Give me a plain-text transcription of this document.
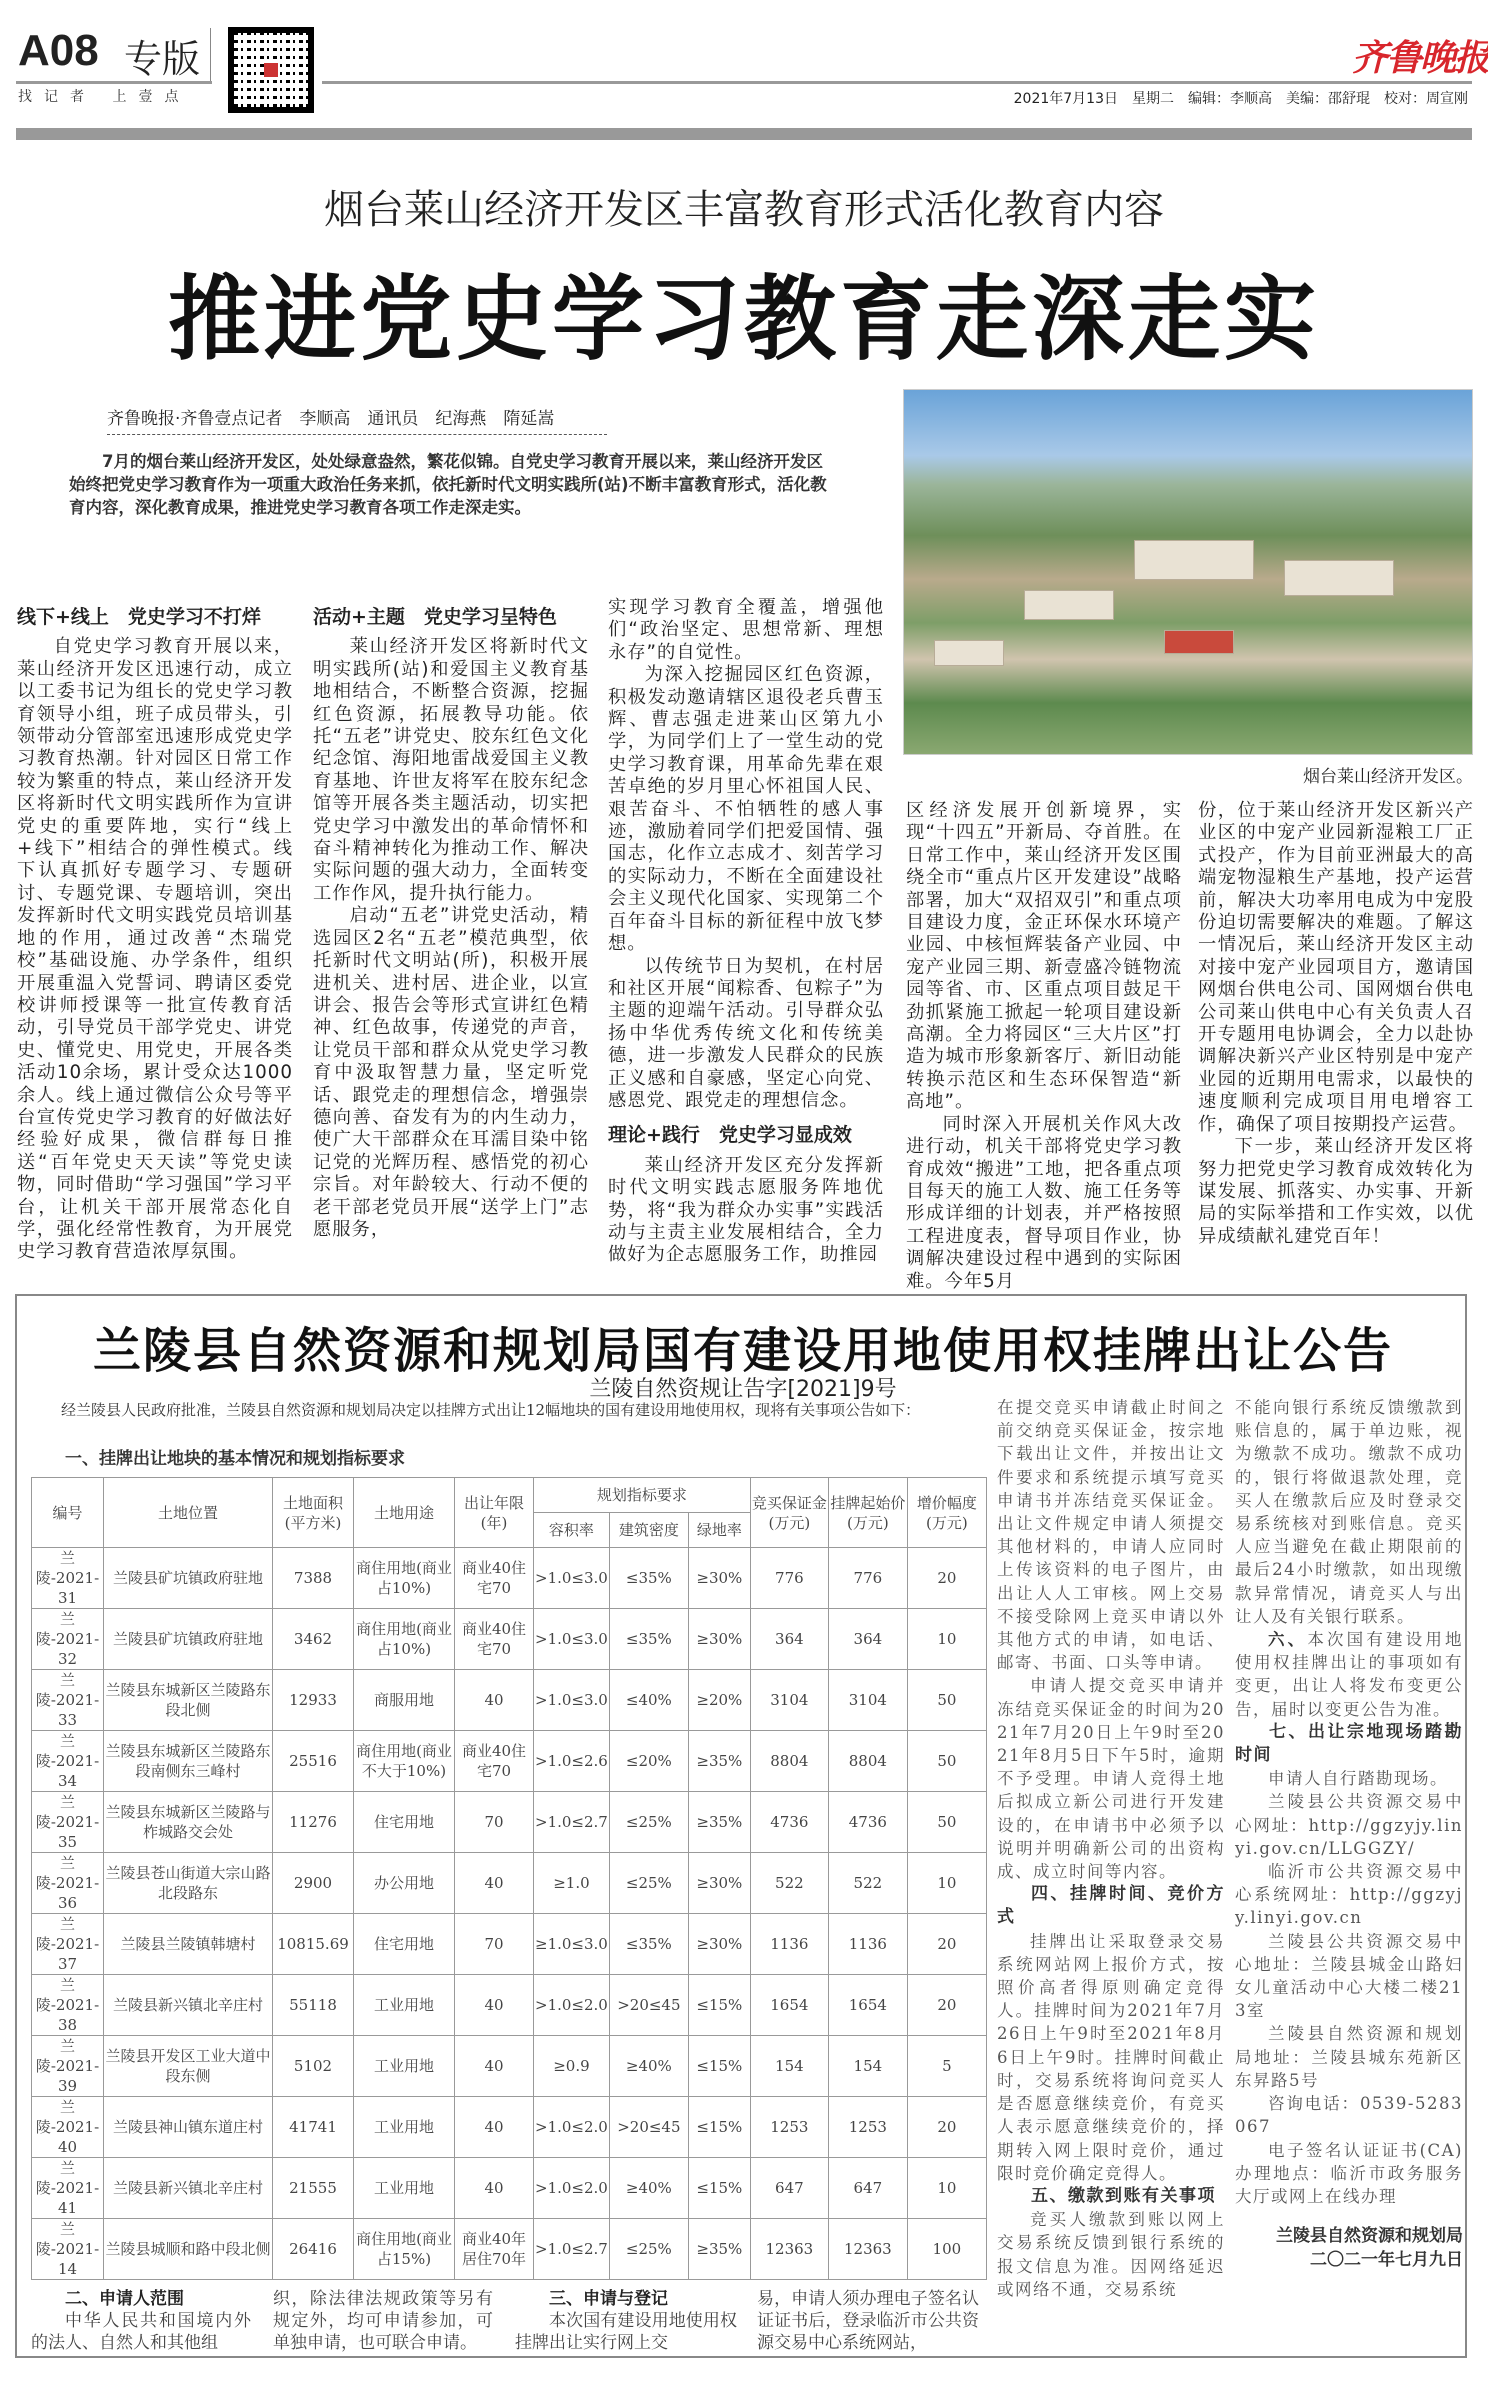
A08 专版
找记者 上壹点
齐鲁晚报
2021年7月13日　星期二　编辑：李顺高　美编：邵舒琨　校对：周宣刚
烟台莱山经济开发区丰富教育形式活化教育内容
推进党史学习教育走深走实
齐鲁晚报·齐鲁壹点记者　李顺高　通讯员　纪海燕　隋延嵩
7月的烟台莱山经济开发区，处处绿意盎然，繁花似锦。自党史学习教育开展以来，莱山经济开发区始终把党史学习教育作为一项重大政治任务来抓，依托新时代文明实践所(站)不断丰富教育形式，活化教育内容，深化教育成果，推进党史学习教育各项工作走深走实。
烟台莱山经济开发区。
线下+线上　党史学习不打烊

自党史学习教育开展以来，莱山经济开发区迅速行动，成立以工委书记为组长的党史学习教育领导小组，班子成员带头，引领带动分管部室迅速形成党史学习教育热潮。针对园区日常工作较为繁重的特点，莱山经济开发区将新时代文明实践所作为宣讲党史的重要阵地，实行“线上+线下”相结合的弹性模式。线下认真抓好专题学习、专题研讨、专题党课、专题培训，突出发挥新时代文明实践党员培训基地的作用，通过改善“杰瑞党校”基础设施、办学条件，组织开展重温入党誓词、聘请区委党校讲师授课等一批宣传教育活动，引导党员干部学党史、讲党史、懂党史、用党史，开展各类活动10余场，累计受众达1000余人。线上通过微信公众号等平台宣传党史学习教育的好做法好经验好成果，微信群每日推送“百年党史天天读”等党史读物，同时借助“学习强国”学习平台，让机关干部开展常态化自学，强化经常性教育，为开展党史学习教育营造浓厚氛围。

活动+主题　党史学习呈特色

莱山经济开发区将新时代文明实践所(站)和爱国主义教育基地相结合，不断整合资源，挖掘红色资源，拓展教导功能。依托“五老”讲党史、胶东红色文化纪念馆、海阳地雷战爱国主义教育基地、许世友将军在胶东纪念馆等开展各类主题活动，切实把党史学习中激发出的革命情怀和奋斗精神转化为推动工作、解决实际问题的强大动力，全面转变工作作风，提升执行能力。

启动“五老”讲党史活动，精选园区2名“五老”模范典型，依托新时代文明站(所)，积极开展进机关、进村居、进企业，以宣讲会、报告会等形式宣讲红色精神、红色故事，传递党的声音，让党员干部和群众从党史学习教育中汲取智慧力量，坚定听党话、跟党走的理想信念，增强崇德向善、奋发有为的内生动力，使广大干部群众在耳濡目染中铭记党的光辉历程、感悟党的初心宗旨。对年龄较大、行动不便的老干部老党员开展“送学上门”志愿服务，

实现学习教育全覆盖，增强他们“政治坚定、思想常新、理想永存”的自觉性。

为深入挖掘园区红色资源，积极发动邀请辖区退役老兵曹玉辉、曹志强走进莱山区第九小学，为同学们上了一堂生动的党史学习教育课，用革命先辈在艰苦卓绝的岁月里心怀祖国人民、艰苦奋斗、不怕牺牲的感人事迹，激励着同学们把爱国情、强国志，化作立志成才、刻苦学习的实际动力，不断在全面建设社会主义现代化国家、实现第二个百年奋斗目标的新征程中放飞梦想。

以传统节日为契机，在村居和社区开展“闻粽香、包粽子”为主题的迎端午活动。引导群众弘扬中华优秀传统文化和传统美德，进一步激发人民群众的民族正义感和自豪感，坚定心向党、感恩党、跟党走的理想信念。

理论+践行　党史学习显成效

莱山经济开发区充分发挥新时代文明实践志愿服务阵地优势，将“我为群众办实事”实践活动与主责主业发展相结合，全力做好为企志愿服务工作，助推园

区经济发展开创新境界，实现“十四五”开新局、夺首胜。在日常工作中，莱山经济开发区围绕全市“重点片区开发建设”战略部署，加大“双招双引”和重点项目建设力度，金正环保水环境产业园、中核恒辉装备产业园、中宠产业园三期、新壹盛冷链物流园等省、市、区重点项目鼓足干劲抓紧施工掀起一轮项目建设新高潮。全力将园区“三大片区”打造为城市形象新客厅、新旧动能转换示范区和生态环保智造“新高地”。

同时深入开展机关作风大改进行动，机关干部将党史学习教育成效“搬进”工地，把各重点项目每天的施工人数、施工任务等形成详细的计划表，并严格按照工程进度表，督导项目作业，协调解决建设过程中遇到的实际困难。今年5月

份，位于莱山经济开发区新兴产业区的中宠产业园新湿粮工厂正式投产，作为目前亚洲最大的高端宠物湿粮生产基地，投产运营前，解决大功率用电成为中宠股份迫切需要解决的难题。了解这一情况后，莱山经济开发区主动对接中宠产业园项目方，邀请国网烟台供电公司、国网烟台供电公司莱山供电中心有关负责人召开专题用电协调会，全力以赴协调解决新兴产业区特别是中宠产业园的近期用电需求，以最快的速度顺利完成项目用电增容工作，确保了项目按期投产运营。

下一步，莱山经济开发区将努力把党史学习教育成效转化为谋发展、抓落实、办实事、开新局的实际举措和工作实效，以优异成绩献礼建党百年！

兰陵县自然资源和规划局国有建设用地使用权挂牌出让公告
兰陵自然资规让告字[2021]9号
经兰陵县人民政府批准，兰陵县自然资源和规划局决定以挂牌方式出让12幅地块的国有建设用地使用权，现将有关事项公告如下：
一、挂牌出让地块的基本情况和规划指标要求
编号	土地位置	土地面积(平方米)	土地用途	出让年限(年)	规划指标要求			竞买保证金(万元)	挂牌起始价(万元)	增价幅度(万元)
					容积率	建筑密度	绿地率			
兰陵-2021-31	兰陵县矿坑镇政府驻地	7388	商住用地(商业占10%)	商业40住宅70	>1.0≤3.0	≤35%	≥30%	776	776	20
兰陵-2021-32	兰陵县矿坑镇政府驻地	3462	商住用地(商业占10%)	商业40住宅70	>1.0≤3.0	≤35%	≥30%	364	364	10
兰陵-2021-33	兰陵县东城新区兰陵路东段北侧	12933	商服用地	40	>1.0≤3.0	≤40%	≥20%	3104	3104	50
兰陵-2021-34	兰陵县东城新区兰陵路东段南侧东三峰村	25516	商住用地(商业不大于10%)	商业40住宅70	>1.0≤2.6	≤20%	≥35%	8804	8804	50
兰陵-2021-35	兰陵县东城新区兰陵路与柞城路交会处	11276	住宅用地	70	>1.0≤2.7	≤25%	≥35%	4736	4736	50
兰陵-2021-36	兰陵县苍山街道大宗山路北段路东	2900	办公用地	40	≥1.0	≤25%	≥30%	522	522	10
兰陵-2021-37	兰陵县兰陵镇韩塘村	10815.69	住宅用地	70	≥1.0≤3.0	≤35%	≥30%	1136	1136	20
兰陵-2021-38	兰陵县新兴镇北辛庄村	55118	工业用地	40	>1.0≤2.0	>20≤45	≤15%	1654	1654	20
兰陵-2021-39	兰陵县开发区工业大道中段东侧	5102	工业用地	40	≥0.9	≥40%	≤15%	154	154	5
兰陵-2021-40	兰陵县神山镇东道庄村	41741	工业用地	40	>1.0≤2.0	>20≤45	≤15%	1253	1253	20
兰陵-2021-41	兰陵县新兴镇北辛庄村	21555	工业用地	40	>1.0≤2.0	≥40%	≤15%	647	647	10
兰陵-2021-14	兰陵县城顺和路中段北侧	26416	商住用地(商业占15%)	商业40年居住70年	>1.0≤2.7	≤25%	≥35%	12363	12363	100
二、申请人范围
中华人民共和国境内外的法人、自然人和其他组
织，除法律法规政策等另有规定外，均可申请参加，可单独申请，也可联合申请。
三、申请与登记
本次国有建设用地使用权挂牌出让实行网上交
易，申请人须办理电子签名认证证书后，登录临沂市公共资源交易中心系统网站，

在提交竞买申请截止时间之前交纳竞买保证金，按宗地下载出让文件，并按出让文件要求和系统提示填写竞买申请书并冻结竞买保证金。出让文件规定申请人须提交其他材料的，申请人应同时上传该资料的电子图片，由出让人人工审核。网上交易不接受除网上竞买申请以外其他方式的申请，如电话、邮寄、书面、口头等申请。

申请人提交竞买申请并冻结竞买保证金的时间为2021年7月20日上午9时至2021年8月5日下午5时，逾期不予受理。申请人竞得土地后拟成立新公司进行开发建设的，在申请书中必须予以说明并明确新公司的出资构成、成立时间等内容。

四、挂牌时间、竞价方式

挂牌出让采取登录交易系统网站网上报价方式，按照价高者得原则确定竞得人。挂牌时间为2021年7月26日上午9时至2021年8月6日上午9时。挂牌时间截止时，交易系统将询问竞买人是否愿意继续竞价，有竞买人表示愿意继续竞价的，择期转入网上限时竞价，通过限时竞价确定竞得人。

五、缴款到账有关事项

竞买人缴款到账以网上交易系统反馈到银行系统的报文信息为准。因网络延迟或网络不通，交易系统

不能向银行系统反馈缴款到账信息的，属于单边账，视为缴款不成功。缴款不成功的，银行将做退款处理，竞买人在缴款后应及时登录交易系统核对到账信息。竞买人应当避免在截止期限前的最后24小时缴款，如出现缴款异常情况，请竞买人与出让人及有关银行联系。

六、本次国有建设用地使用权挂牌出让的事项如有变更，出让人将发布变更公告，届时以变更公告为准。

七、出让宗地现场踏勘时间

申请人自行踏勘现场。

兰陵县公共资源交易中心网址：http://ggzyjy.linyi.gov.cn/LLGGZY/

临沂市公共资源交易中心系统网址：http://ggzyjy.linyi.gov.cn

兰陵县公共资源交易中心地址：兰陵县城金山路妇女儿童活动中心大楼二楼213室

兰陵县自然资源和规划局地址：兰陵县城东苑新区东昇路5号

咨询电话：0539-5283067

电子签名认证证书(CA)办理地点：临沂市政务服务大厅或网上在线办理

兰陵县自然资源和规划局
二〇二一年七月九日
